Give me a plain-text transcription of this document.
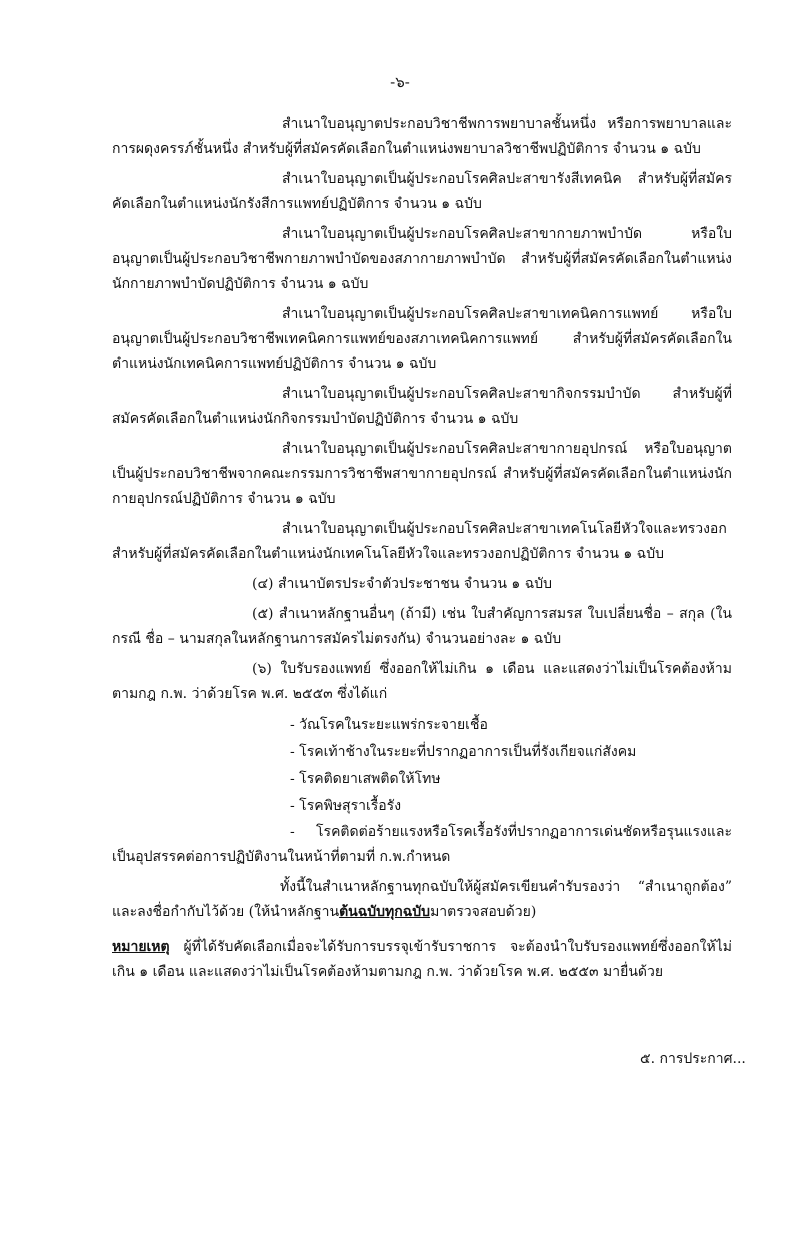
-๖-

สำเนาใบอนุญาตประกอบวิชาชีพการพยาบาลชั้นหนึ่ง หรือการพยาบาลและการผดุงครรภ์ชั้นหนึ่ง สำหรับผู้ที่สมัครคัดเลือกในตำแหน่งพยาบาลวิชาชีพปฏิบัติการ จำนวน ๑ ฉบับ

สำเนาใบอนุญาตเป็นผู้ประกอบโรคศิลปะสาขารังสีเทคนิค สำหรับผู้ที่สมัครคัดเลือกในตำแหน่งนักรังสีการแพทย์ปฏิบัติการ จำนวน ๑ ฉบับ

สำเนาใบอนุญาตเป็นผู้ประกอบโรคศิลปะสาขากายภาพบำบัด หรือใบอนุญาตเป็นผู้ประกอบวิชาชีพกายภาพบำบัดของสภากายภาพบำบัด สำหรับผู้ที่สมัครคัดเลือกในตำแหน่งนักกายภาพบำบัดปฏิบัติการ จำนวน ๑ ฉบับ

สำเนาใบอนุญาตเป็นผู้ประกอบโรคศิลปะสาขาเทคนิคการแพทย์ หรือใบอนุญาตเป็นผู้ประกอบวิชาชีพเทคนิคการแพทย์ของสภาเทคนิคการแพทย์ สำหรับผู้ที่สมัครคัดเลือกในตำแหน่งนักเทคนิคการแพทย์ปฏิบัติการ จำนวน ๑ ฉบับ

สำเนาใบอนุญาตเป็นผู้ประกอบโรคศิลปะสาขากิจกรรมบำบัด สำหรับผู้ที่สมัครคัดเลือกในตำแหน่งนักกิจกรรมบำบัดปฏิบัติการ จำนวน ๑ ฉบับ

สำเนาใบอนุญาตเป็นผู้ประกอบโรคศิลปะสาขากายอุปกรณ์ หรือใบอนุญาตเป็นผู้ประกอบวิชาชีพจากคณะกรรมการวิชาชีพสาขากายอุปกรณ์ สำหรับผู้ที่สมัครคัดเลือกในตำแหน่งนักกายอุปกรณ์ปฏิบัติการ จำนวน ๑ ฉบับ

สำเนาใบอนุญาตเป็นผู้ประกอบโรคศิลปะสาขาเทคโนโลยีหัวใจและทรวงอก สำหรับผู้ที่สมัครคัดเลือกในตำแหน่งนักเทคโนโลยีหัวใจและทรวงอกปฏิบัติการ จำนวน ๑ ฉบับ

(๔) สำเนาบัตรประจำตัวประชาชน จำนวน ๑ ฉบับ

(๕) สำเนาหลักฐานอื่นๆ (ถ้ามี) เช่น ใบสำคัญการสมรส ใบเปลี่ยนชื่อ – สกุล (ในกรณี ชื่อ – นามสกุลในหลักฐานการสมัครไม่ตรงกัน) จำนวนอย่างละ ๑ ฉบับ

(๖) ใบรับรองแพทย์ ซึ่งออกให้ไม่เกิน ๑ เดือน และแสดงว่าไม่เป็นโรคต้องห้ามตามกฎ ก.พ. ว่าด้วยโรค พ.ศ. ๒๕๕๓ ซึ่งได้แก่

- วัณโรคในระยะแพร่กระจายเชื้อ

- โรคเท้าช้างในระยะที่ปรากฏอาการเป็นที่รังเกียจแก่สังคม

- โรคติดยาเสพติดให้โทษ

- โรคพิษสุราเรื้อรัง

- โรคติดต่อร้ายแรงหรือโรคเรื้อรังที่ปรากฏอาการเด่นชัดหรือรุนแรงและเป็นอุปสรรคต่อการปฏิบัติงานในหน้าที่ตามที่ ก.พ.กำหนด

ทั้งนี้ในสำเนาหลักฐานทุกฉบับให้ผู้สมัครเขียนคำรับรองว่า “สำเนาถูกต้อง” และลงชื่อกำกับไว้ด้วย (ให้นำหลักฐานต้นฉบับทุกฉบับมาตรวจสอบด้วย)

หมายเหตุ ผู้ที่ได้รับคัดเลือกเมื่อจะได้รับการบรรจุเข้ารับราชการ จะต้องนำใบรับรองแพทย์ซึ่งออกให้ไม่เกิน ๑ เดือน และแสดงว่าไม่เป็นโรคต้องห้ามตามกฎ ก.พ. ว่าด้วยโรค พ.ศ. ๒๕๕๓ มายื่นด้วย

๕. การประกาศ...
